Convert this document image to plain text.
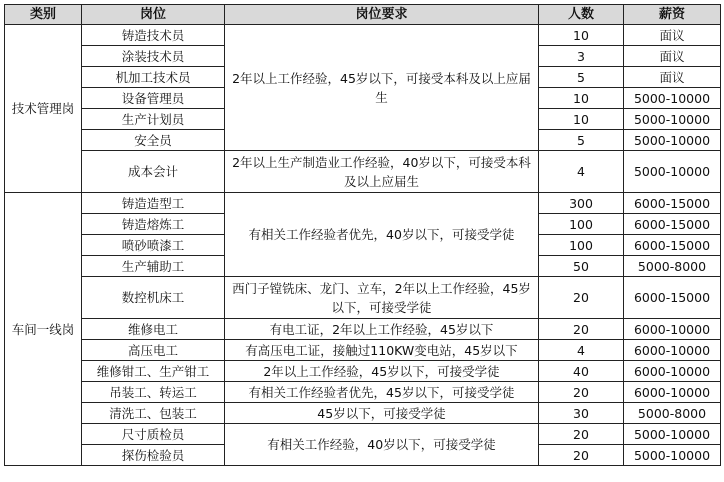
类别	岗位	岗位要求	人数	薪资
技术管理岗	铸造技术员	2年以上工作经验，45岁以下，可接受本科及以上应届生	10	面议
	涂装技术员		3	面议
	机加工技术员		5	面议
	设备管理员		10	5000-10000
	生产计划员		10	5000-10000
	安全员		5	5000-10000
	成本会计	2年以上生产制造业工作经验，40岁以下，可接受本科及以上应届生	4	5000-10000
车间一线岗	铸造造型工	有相关工作经验者优先，40岁以下，可接受学徒	300	6000-15000
	铸造熔炼工		100	6000-15000
	喷砂喷漆工		100	6000-15000
	生产辅助工		50	5000-8000
	数控机床工	西门子镗铣床、龙门、立车，2年以上工作经验，45岁以下，可接受学徒	20	6000-15000
	维修电工	有电工证，2年以上工作经验，45岁以下	20	6000-10000
	高压电工	有高压电工证，接触过110KW变电站，45岁以下	4	6000-10000
	维修钳工、生产钳工	2年以上工作经验，45岁以下，可接受学徒	40	6000-10000
	吊装工、转运工	有相关工作经验者优先，45岁以下，可接受学徒	20	6000-10000
	清洗工、包装工	45岁以下，可接受学徒	30	5000-8000
	尺寸质检员	有相关工作经验，40岁以下，可接受学徒	20	5000-10000
	探伤检验员		20	5000-10000
